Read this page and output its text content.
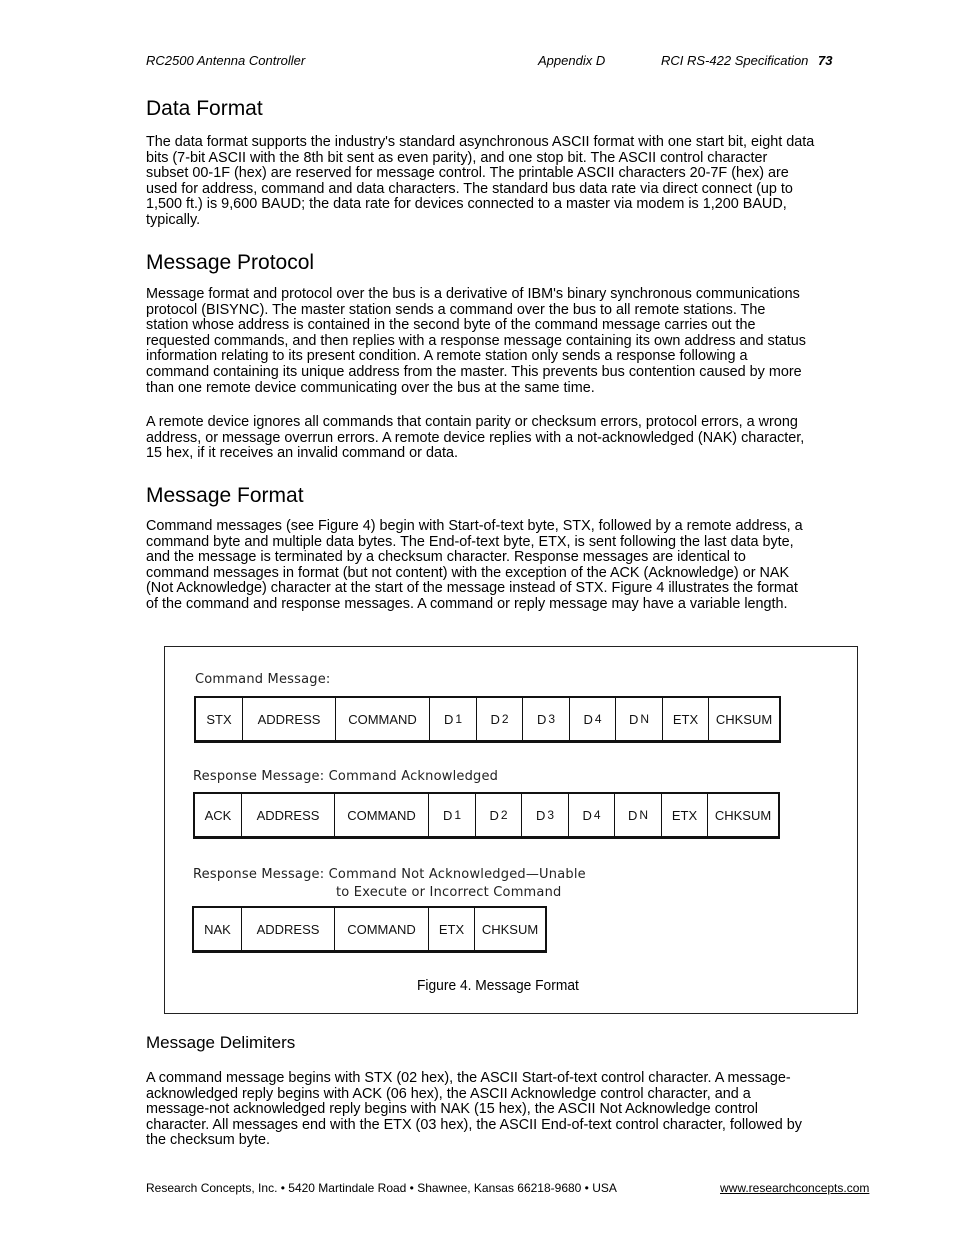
RC2500 Antenna Controller	Appendix D	RCI RS-422 Specification 73
Data Format
The data format supports the industry's standard asynchronous ASCII format with one start bit, eight data
bits (7-bit ASCII with the 8th bit sent as even parity), and one stop bit. The ASCII control character
subset 00-1F (hex) are reserved for message control. The printable ASCII characters 20-7F (hex) are
used for address, command and data characters. The standard bus data rate via direct connect (up to
1,500 ft.) is 9,600 BAUD; the data rate for devices connected to a master via modem is 1,200 BAUD,
typically.
Message Protocol
Message format and protocol over the bus is a derivative of IBM's binary synchronous communications
protocol (BISYNC). The master station sends a command over the bus to all remote stations. The
station whose address is contained in the second byte of the command message carries out the
requested commands, and then replies with a response message containing its own address and status
information relating to its present condition. A remote station only sends a response following a
command containing its unique address from the master. This prevents bus contention caused by more
than one remote device communicating over the bus at the same time.
A remote device ignores all commands that contain parity or checksum errors, protocol errors, a wrong
address, or message overrun errors. A remote device replies with a not-acknowledged (NAK) character,
15 hex, if it receives an invalid command or data.
Message Format
Command messages (see Figure 4) begin with Start-of-text byte, STX, followed by a remote address, a
command byte and multiple data bytes. The End-of-text byte, ETX, is sent following the last data byte,
and the message is terminated by a checksum character. Response messages are identical to
command messages in format (but not content) with the exception of the ACK (Acknowledge) or NAK
(Not Acknowledge) character at the start of the message instead of STX. Figure 4 illustrates the format
of the command and response messages. A command or reply message may have a variable length.
Command Message:
STX ADDRESS COMMAND D 1 D 2 D 3 D 4 D N ETX CHKSUM
Response Message: Command Acknowledged
ACK ADDRESS COMMAND D 1 D 2 D 3 D 4 D N ETX CHKSUM
Response Message: Command Not Acknowledged—Unable
to Execute or Incorrect Command
NAK ADDRESS COMMAND ETX CHKSUM
Figure 4. Message Format
Message Delimiters
A command message begins with STX (02 hex), the ASCII Start-of-text control character. A message-
acknowledged reply begins with ACK (06 hex), the ASCII Acknowledge control character, and a
message-not acknowledged reply begins with NAK (15 hex), the ASCII Not Acknowledge control
character. All messages end with the ETX (03 hex), the ASCII End-of-text control character, followed by
the checksum byte.
Research Concepts, Inc. • 5420 Martindale Road • Shawnee, Kansas 66218-9680 • USA	www.researchconcepts.com
